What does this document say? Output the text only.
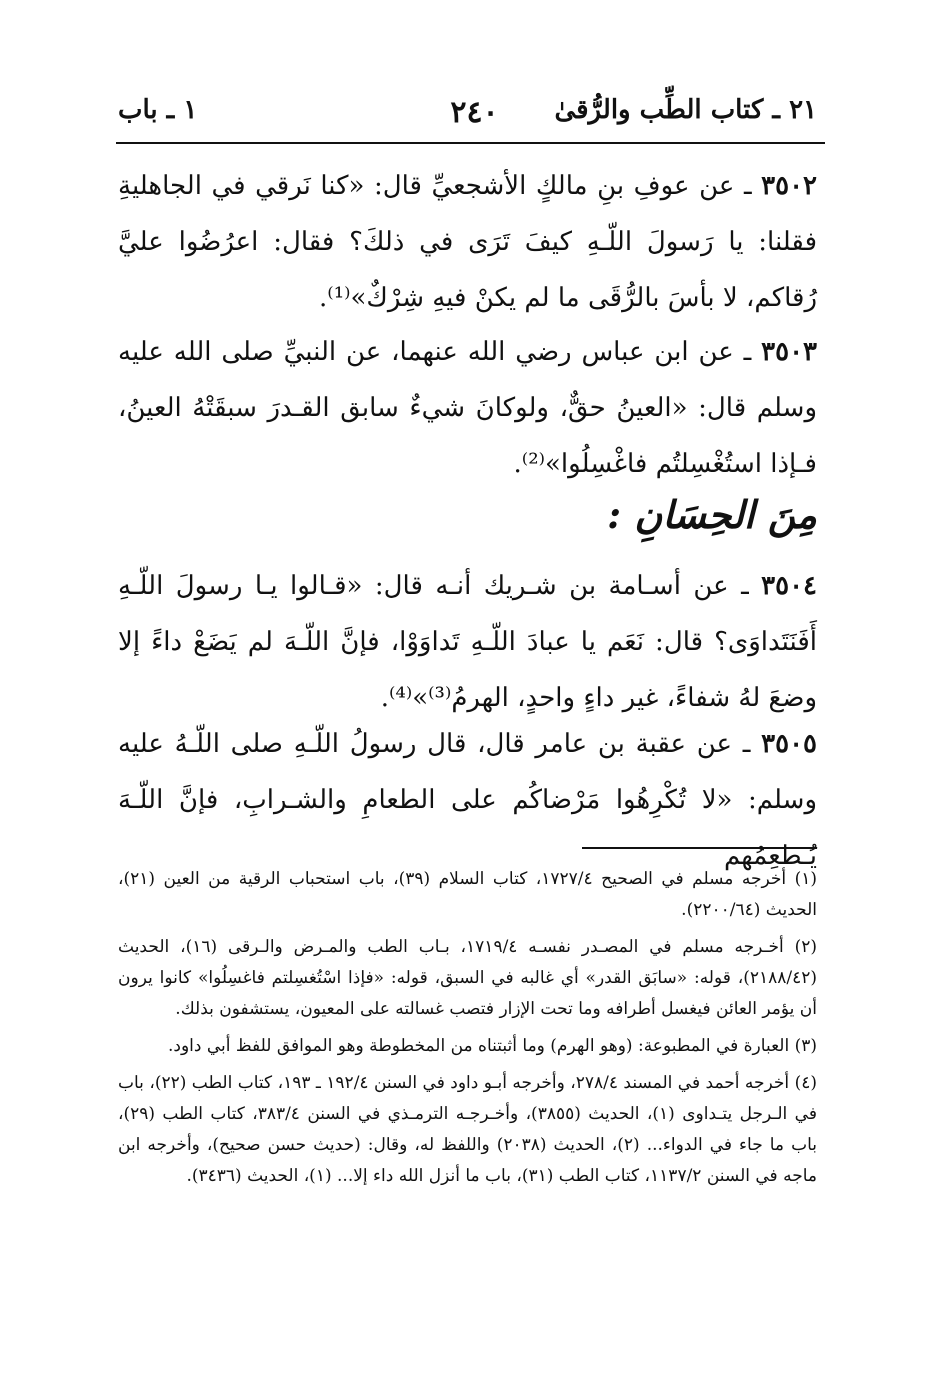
٢١ ـ كتاب الطِّب والرُّقىٰ
٢٤٠
١ ـ باب

٣٥٠٢ ـ عن عوفِ بنِ مالكٍ الأشجعيِّ قال: «كنا نَرقي في الجاهليةِ فقلنا: يا رَسولَ اللّـهِ كيفَ تَرَى في ذلكَ؟ فقال: اعرُضُوا عليَّ رُقاكم، لا بأسَ بالرُّقَى ما لم يكنْ فيهِ شِرْكٌ»⁽¹⁾.

٣٥٠٣ ـ عن ابن عباس رضي الله عنهما، عن النبيِّ صلى الله عليه وسلم قال: «العينُ حقٌّ، ولوكانَ شيءٌ سابق القـدرَ سبقَتْهُ العينُ، فـإذا استُغْسِلتُم فاغْسِلُوا»⁽²⁾.

مِنَ الحِسَانِ :

٣٥٠٤ ـ عن أسـامة بن شـريك أنـه قال: «قـالوا يـا رسولَ اللّـهِ أَفَنَتَداوَى؟ قال: نَعَم يا عبادَ اللّـهِ تَداوَوْا، فإنَّ اللّـهَ لم يَضَعْ داءً إلا وضعَ لهُ شفاءً، غير داءٍ واحدٍ، الهرمُ⁽³⁾»⁽⁴⁾.

٣٥٠٥ ـ عن عقبة بن عامر قال، قال رسولُ اللّـهِ صلى اللّـهُ عليه وسلم: «لا تُكْرِهُوا مَرْضاكُم على الطعامِ والشـرابِ، فإنَّ اللّـهَ يُـطعِمُهم

(١) أخرجه مسلم في الصحيح ١٧٢٧/٤، كتاب السلام (٣٩)، باب استحباب الرقية من العين (٢١)، الحديث (٢٢٠٠/٦٤).

(٢) أخـرجه مسلم في المصـدر نفسـه ١٧١٩/٤، بـاب الطب والمـرض والـرقى (١٦)، الحديث (٢١٨٨/٤٢)، قوله: «سابَق القدر» أي غالبه في السبق، قوله: «فإذا اسْتُغسِلتم فاغسِلُوا» كانوا يرون أن يؤمر العائن فيغسل أطرافه وما تحت الإزار فتصب غسالته على المعيون، يستشفون بذلك.

(٣) العبارة في المطبوعة: (وهو الهرم) وما أثبتناه من المخطوطة وهو الموافق للفظ أبي داود.

(٤) أخرجه أحمد في المسند ٢٧٨/٤، وأخرجه أبـو داود في السنن ١٩٢/٤ ـ ١٩٣، كتاب الطب (٢٢)، باب في الـرجل يتـداوى (١)، الحديث (٣٨٥٥)، وأخـرجـه الترمـذي في السنن ٣٨٣/٤، كتاب الطب (٢٩)، باب ما جاء في الدواء... (٢)، الحديث (٢٠٣٨) واللفظ له، وقال: (حديث حسن صحيح)، وأخرجه ابن ماجه في السنن ١١٣٧/٢، كتاب الطب (٣١)، باب ما أنزل الله داء إلا... (١)، الحديث (٣٤٣٦).
